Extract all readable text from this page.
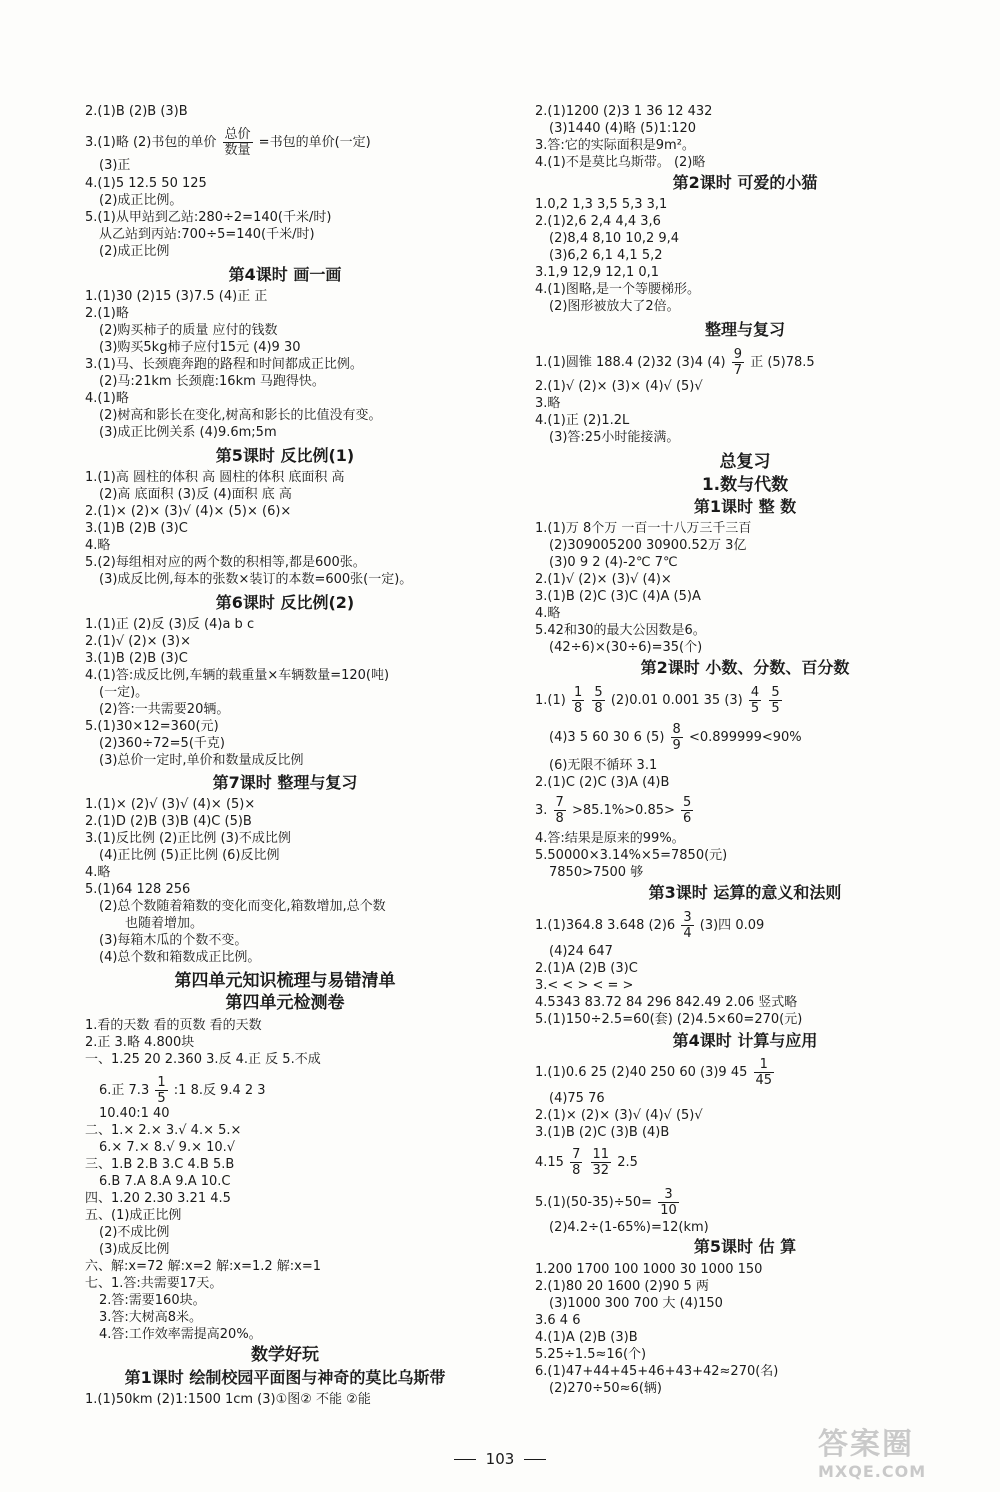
2.(1)B (2)B (3)B
3.(1)略 (2)书包的单价 $\frac{\text{总价}}{\text{数量}}$ =书包的单价(一定)
(3)正
4.(1)5 12.5 50 125
(2)成正比例。
5.(1)从甲站到乙站:280÷2=140(千米/时)
从乙站到丙站:700÷5=140(千米/时)
(2)成正比例
第4课时 画一画
1.(1)30 (2)15 (3)7.5 (4)正 正
2.(1)略
(2)购买柿子的质量 应付的钱数
(3)购买5kg柿子应付15元 (4)9 30
3.(1)马、长颈鹿奔跑的路程和时间都成正比例。
(2)马:21km 长颈鹿:16km 马跑得快。
4.(1)略
(2)树高和影长在变化,树高和影长的比值没有变。
(3)成正比例关系 (4)9.6m;5m
第5课时 反比例(1)
1.(1)高 圆柱的体积 高 圆柱的体积 底面积 高
(2)高 底面积 (3)反 (4)面积 底 高
2.(1)× (2)× (3)√ (4)× (5)× (6)×
3.(1)B (2)B (3)C
4.略
5.(2)每组相对应的两个数的积相等,都是600张。
(3)成反比例,每本的张数×装订的本数=600张(一定)。
第6课时 反比例(2)
1.(1)正 (2)反 (3)反 (4)a b c
2.(1)√ (2)× (3)×
3.(1)B (2)B (3)C
4.(1)答:成反比例,车辆的载重量×车辆数量=120(吨)
(一定)。
(2)答:一共需要20辆。
5.(1)30×12=360(元)
(2)360÷72=5(千克)
(3)总价一定时,单价和数量成反比例
第7课时 整理与复习
1.(1)× (2)√ (3)√ (4)× (5)×
2.(1)D (2)B (3)B (4)C (5)B
3.(1)反比例 (2)正比例 (3)不成比例
(4)正比例 (5)正比例 (6)反比例
4.略
5.(1)64 128 256
(2)总个数随着箱数的变化而变化,箱数增加,总个数
也随着增加。
(3)每箱木瓜的个数不变。
(4)总个数和箱数成正比例。
第四单元知识梳理与易错清单
第四单元检测卷
1.看的天数 看的页数 看的天数
2.正 3.略 4.800块
一、1.25 20 2.360 3.反 4.正 反 5.不成
6.正 $7.3 \frac{1}{5}$ :1 8.反 9.4 2 3
10.40:1 40
二、1.× 2.× 3.√ 4.× 5.×
6.× 7.× 8.√ 9.× 10.√
三、1.B 2.B 3.C 4.B 5.B
6.B 7.A 8.A 9.A 10.C
四、1.20 2.30 3.21 4.5
五、(1)成正比例
(2)不成比例
(3)成反比例
六、解:x=72 解:x=2 解:x=1.2 解:x=1
七、1.答:共需要17天。
2.答:需要160块。
3.答:大树高8米。
4.答:工作效率需提高20%。
数学好玩
第1课时 绘制校园平面图与神奇的莫比乌斯带
1.(1)50km (2)1:1500 1cm (3)①图② 不能 ②能
2.(1)1200 (2)3 1 36 12 432
(3)1440 (4)略 (5)1:120
3.答:它的实际面积是9m²。
4.(1)不是莫比乌斯带。 (2)略
第2课时 可爱的小猫
1.0,2 1,3 3,5 5,3 3,1
2.(1)2,6 2,4 4,4 3,6
(2)8,4 8,10 10,2 9,4
(3)6,2 6,1 4,1 5,2
3.1,9 12,9 12,1 0,1
4.(1)图略,是一个等腰梯形。
(2)图形被放大了2倍。
整理与复习
1.(1)圆锥 188.4 (2)32 (3)4 $(4) \frac{9}{7}$ 正 (5)78.5
2.(1)√ (2)× (3)× (4)√ (5)√
3.略
4.(1)正 (2)1.2L
(3)答:25小时能接满。
总复习
1.数与代数
第1课时 整 数
1.(1)万 8个万 一百一十八万三千三百
(2)309005200 30900.52万 3亿
(3)0 9 2 (4)-2℃ 7℃
2.(1)√ (2)× (3)√ (4)×
3.(1)B (2)C (3)C (4)A (5)A
4.略
5.42和30的最大公因数是6。
(42÷6)×(30÷6)=35(个)
第2课时 小数、分数、百分数
$1.(1) \frac{1}{8}$
$\frac{5}{8} (2)0.01$ 0.001 35 $(3) \frac{4}{5}$
$\frac{5}{5}$
(4)3 5 60 30 6 $(5) \frac{8}{9} <0.899999<90\%$
(6)无限不循环 3.1
2.(1)C (2)C (3)A (4)B
3. $\frac{7}{8} >85.1\%>0.85> \frac{5}{6}$
4.答:结果是原来的99%。
5.50000×3.14%×5=7850(元)
7850>7500 够
第3课时 运算的意义和法则
1.(1)364.8 3.648 $(2)6 \frac{3}{4} (3)$四 0.09
(4)24 647
2.(1)A (2)B (3)C
3.< < > < = >
4.5343 83.72 84 296 842.49 2.06 竖式略
5.(1)150÷2.5=60(套) (2)4.5×60=270(元)
第4课时 计算与应用
1.(1)0.6 25 (2)40 250 60 (3)9 $45 \frac{1}{45}$
(4)75 76
2.(1)× (2)× (3)√ (4)√ (5)√
3.(1)B (2)C (3)B (4)B
$4.15 \frac{7}{8}$
$\frac{11}{32} 2.5$
$5.(1)(50-35)\div 50= \frac{3}{10}$
(2)4.2÷(1-65%)=12(km)
第5课时 估 算
1.200 1700 100 1000 30 1000 150
2.(1)80 20 1600 (2)90 5 两
(3)1000 300 700 大 (4)150
3.6 4 6
4.(1)A (2)B (3)B
5.25÷1.5≈16(个)
6.(1)47+44+45+46+43+42≈270(名)
(2)270÷50≈6(辆)
103	答案圈
MXQE.COM
